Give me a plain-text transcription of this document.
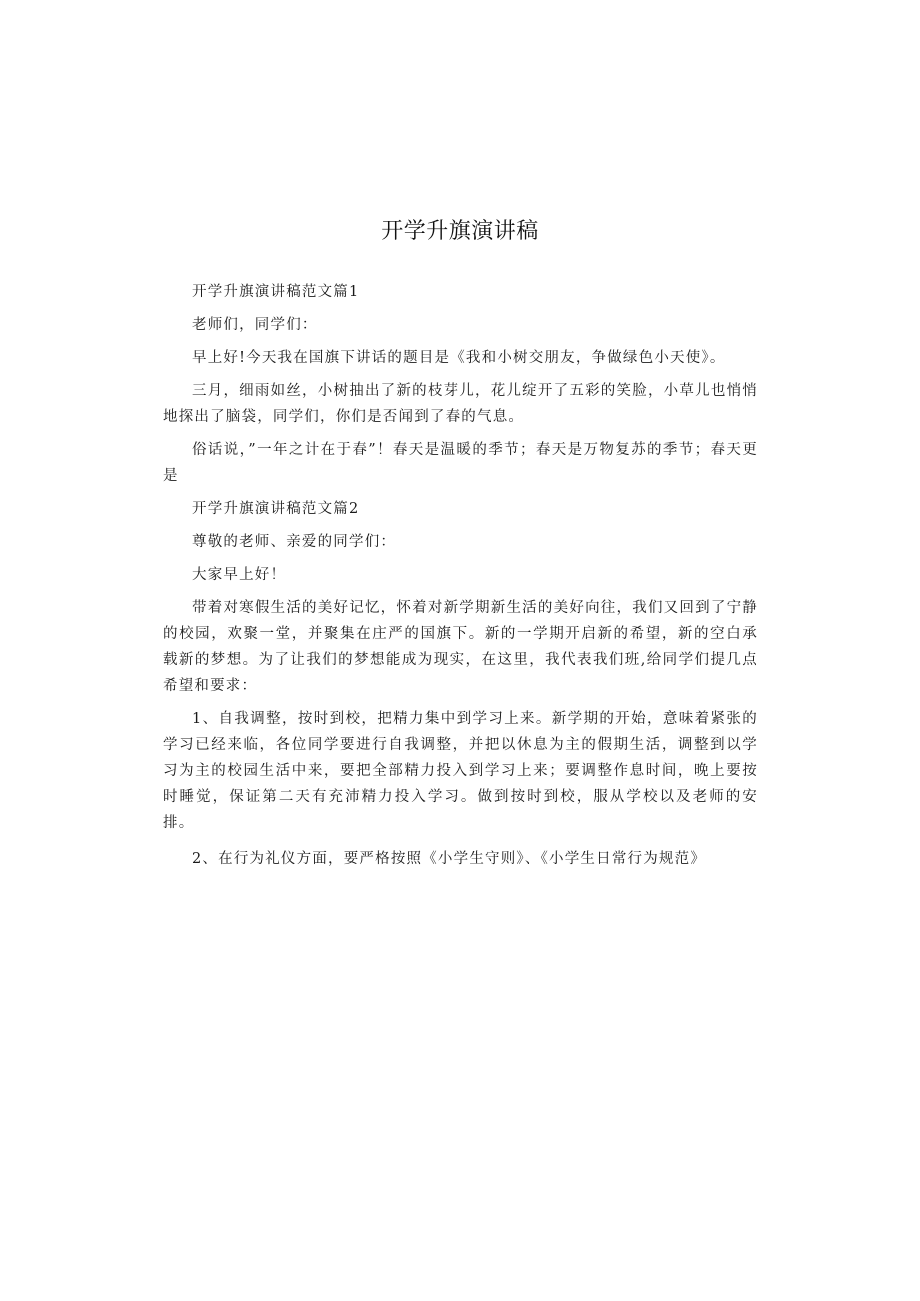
开学升旗演讲稿

开学升旗演讲稿范文篇1

老师们，同学们：

早上好!今天我在国旗下讲话的题目是《我和小树交朋友，争做绿色小天使》。

三月，细雨如丝，小树抽出了新的枝芽儿，花儿绽开了五彩的笑脸，小草儿也悄悄地探出了脑袋，同学们，你们是否闻到了春的气息。

俗话说，”一年之计在于春”！春天是温暖的季节；春天是万物复苏的季节；春天更是

开学升旗演讲稿范文篇2

尊敬的老师、亲爱的同学们：

大家早上好！

带着对寒假生活的美好记忆，怀着对新学期新生活的美好向往，我们又回到了宁静的校园，欢聚一堂，并聚集在庄严的国旗下。新的一学期开启新的希望，新的空白承载新的梦想。为了让我们的梦想能成为现实，在这里，我代表我们班,给同学们提几点希望和要求：

1、自我调整，按时到校，把精力集中到学习上来。新学期的开始，意味着紧张的学习已经来临，各位同学要进行自我调整，并把以休息为主的假期生活，调整到以学习为主的校园生活中来，要把全部精力投入到学习上来；要调整作息时间，晚上要按时睡觉，保证第二天有充沛精力投入学习。做到按时到校，服从学校以及老师的安排。

2、在行为礼仪方面，要严格按照《小学生守则》、《小学生日常行为规范》
